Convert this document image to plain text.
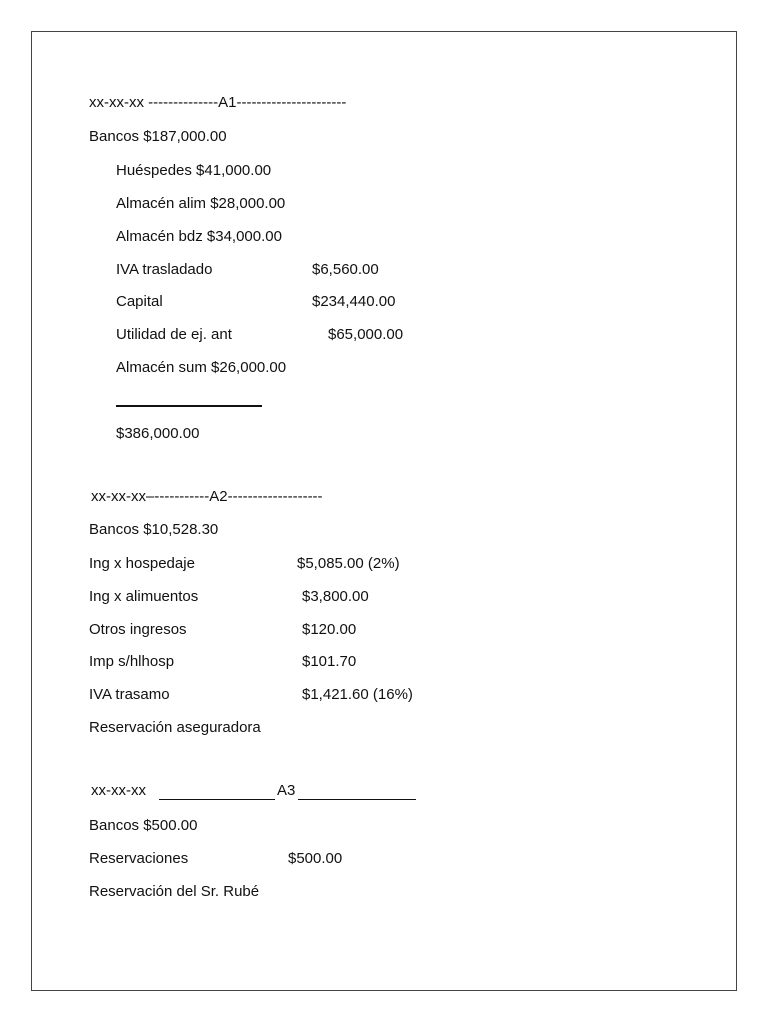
xx-xx-xx --------------A1----------------------
Bancos $187,000.00
Huéspedes $41,000.00
Almacén alim $28,000.00
Almacén bdz $34,000.00
IVA trasladado	$6,560.00
Capital	$234,440.00
Utilidad de ej. ant	$65,000.00
Almacén sum $26,000.00
$386,000.00
xx-xx-xx–-----------A2-------------------
Bancos $10,528.30
Ing x hospedaje	$5,085.00 (2%)
Ing x alimuentos	$3,800.00
Otros ingresos	$120.00
Imp s/hlhosp	$101.70
IVA trasamo	$1,421.60 (16%)
Reservación aseguradora
xx-xx-xx	A3
Bancos $500.00
Reservaciones	$500.00
Reservación del Sr. Rubé
